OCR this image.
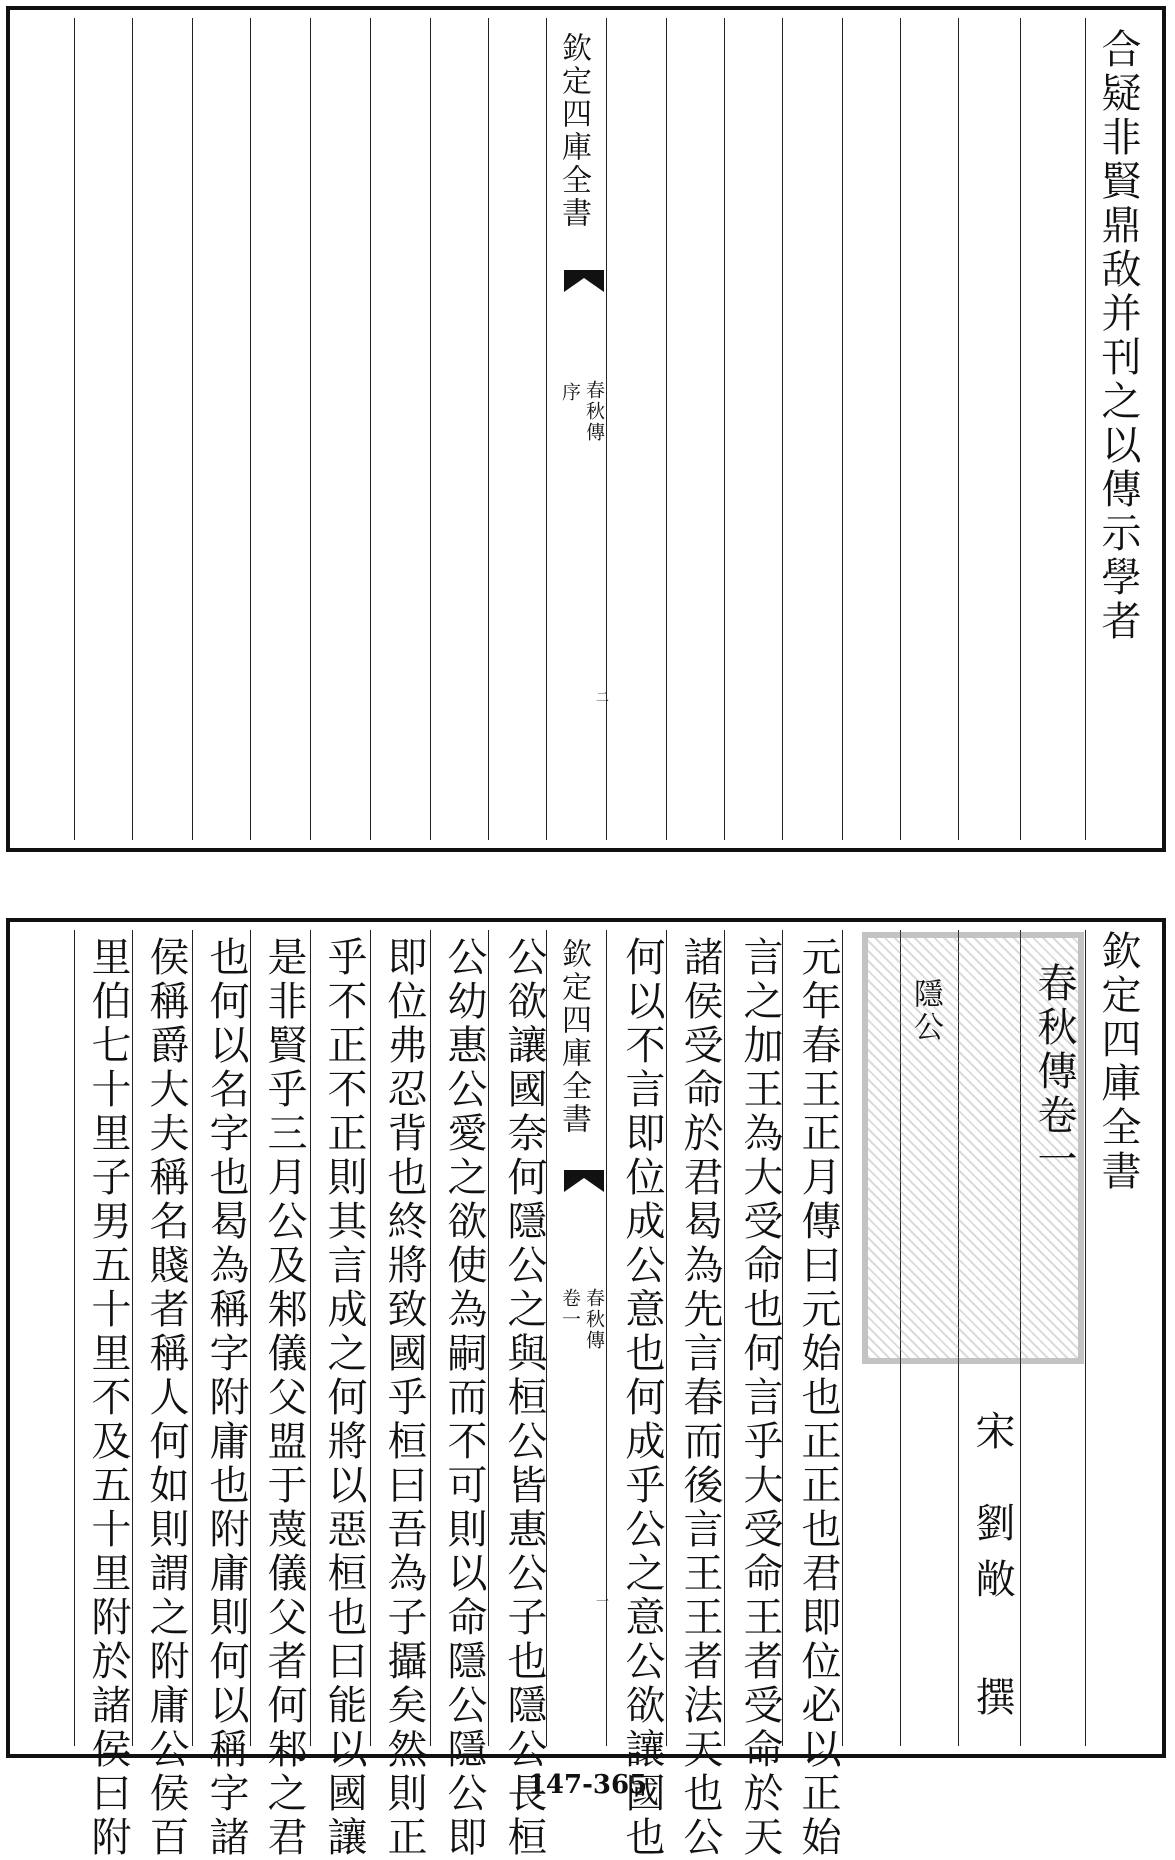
欽定四庫全書
春秋傳
序
二
合疑非賢鼎敌并刊之以傳示學者
公欲讓國奈何隱公之與桓公皆惠公子也隱公長桓
公幼惠公愛之欲使為嗣而不可則以命隱公隱公即
即位弗忍背也終將致國乎桓曰吾為子攝矣然則正
乎不正不正則其言成之何將以惡桓也曰能以國讓
是非賢乎三月公及邾儀父盟于蔑儀父者何邾之君
也何以名字也曷為稱字附庸也附庸則何以稱字諸
侯稱爵大夫稱名賤者稱人何如則謂之附庸公侯百
里伯七十里子男五十里不及五十里附於諸侯曰附	欽定四庫全書
春秋傳
卷一
一 何以不言即位成公意也何成乎公之意公欲讓國也 諸侯受命於君曷為先言春而後言王王者法天也公 言之加王為大受命也何言乎大受命王者受命於天 元年春王正月傳曰元始也正正也君即位必以正始 隱公
宋
劉敞 撰
春秋傳卷一 欽定四庫全書
147-365
